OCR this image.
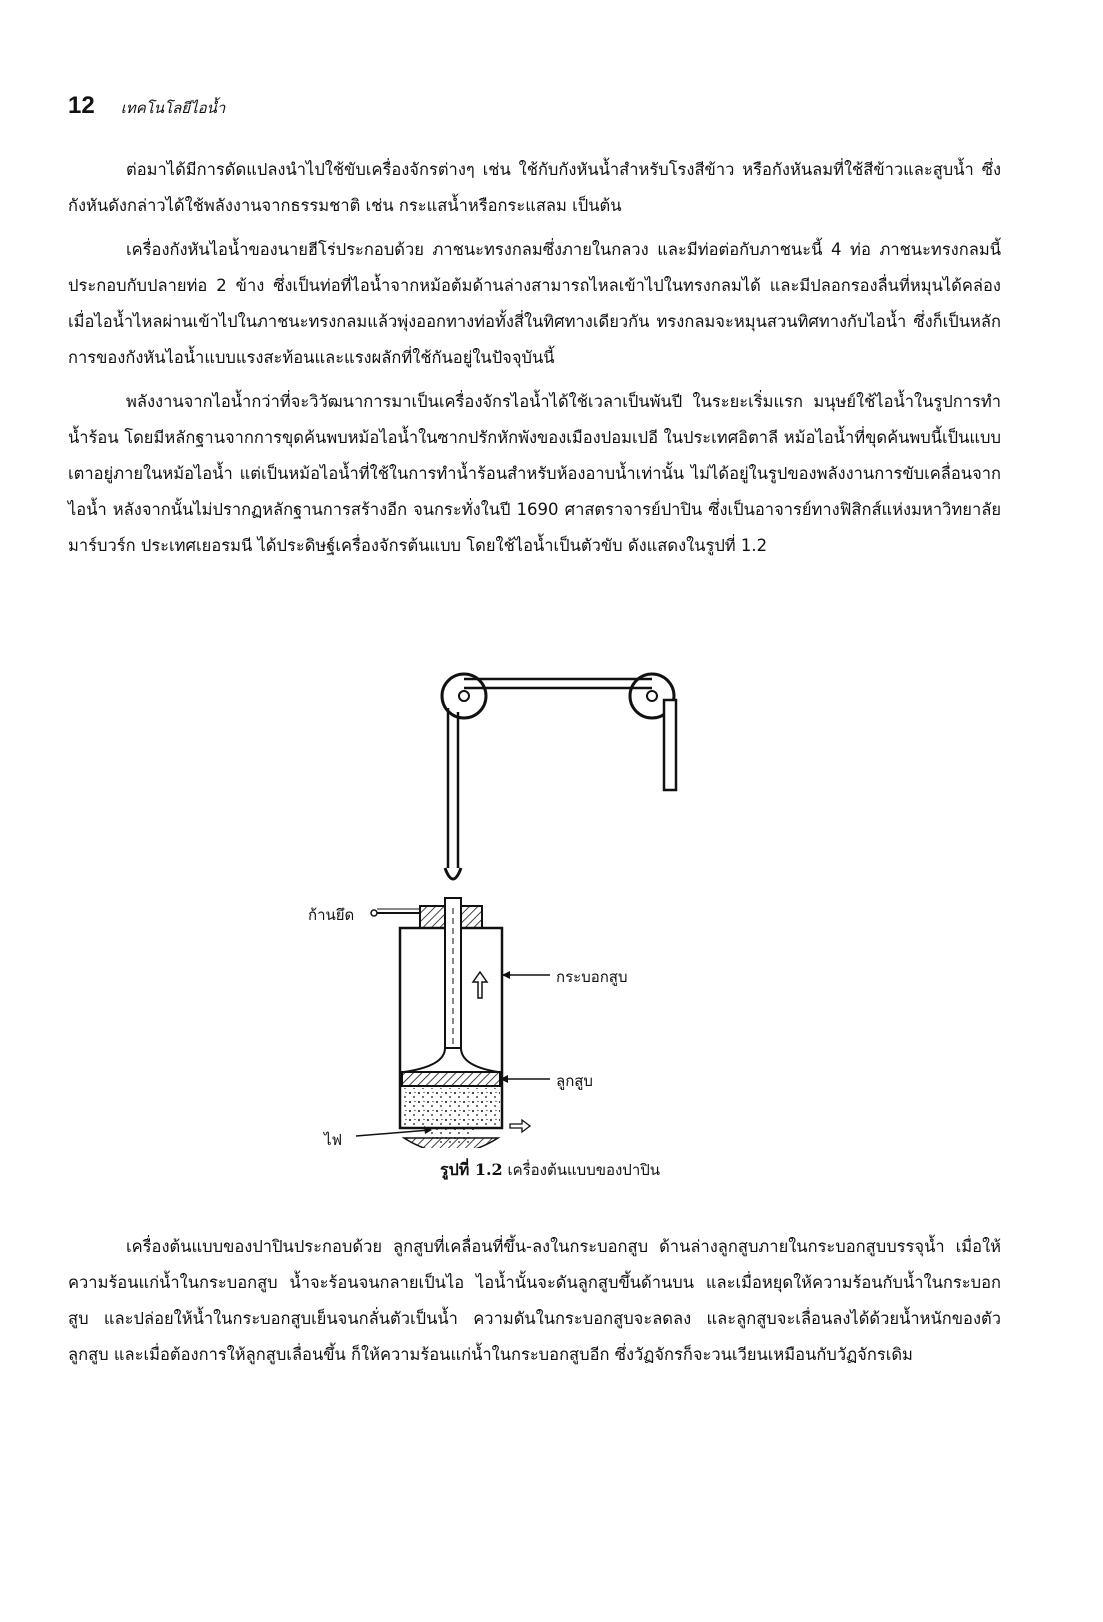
12 เทคโนโลยีไอน้ำ

ต่อมาได้มีการดัดแปลงนำไปใช้ขับเครื่องจักรต่างๆ เช่น ใช้กับกังหันน้ำสำหรับโรงสีข้าว หรือกังหันลมที่ใช้สีข้าวและสูบน้ำ ซึ่งกังหันดังกล่าวได้ใช้พลังงานจากธรรมชาติ เช่น กระแสน้ำหรือกระแสลม เป็นต้น

เครื่องกังหันไอน้ำของนายฮีโร่ประกอบด้วย ภาชนะทรงกลมซึ่งภายในกลวง และมีท่อต่อกับภาชนะนี้ 4 ท่อ ภาชนะทรงกลมนี้ประกอบกับปลายท่อ 2 ข้าง ซึ่งเป็นท่อที่ไอน้ำจากหม้อต้มด้านล่างสามารถไหลเข้าไปในทรงกลมได้ และมีปลอกรองลื่นที่หมุนได้คล่อง เมื่อไอน้ำไหลผ่านเข้าไปในภาชนะทรงกลมแล้วพุ่งออกทางท่อทั้งสี่ในทิศทางเดียวกัน ทรงกลมจะหมุนสวนทิศทางกับไอน้ำ ซึ่งก็เป็นหลักการของกังหันไอน้ำแบบแรงสะท้อนและแรงผลักที่ใช้กันอยู่ในปัจจุบันนี้

พลังงานจากไอน้ำกว่าที่จะวิวัฒนาการมาเป็นเครื่องจักรไอน้ำได้ใช้เวลาเป็นพันปี ในระยะเริ่มแรก มนุษย์ใช้ไอน้ำในรูปการทำน้ำร้อน โดยมีหลักฐานจากการขุดค้นพบหม้อไอน้ำในซากปรักหักพังของเมืองปอมเปอี ในประเทศอิตาลี หม้อไอน้ำที่ขุดค้นพบนี้เป็นแบบเตาอยู่ภายในหม้อไอน้ำ แต่เป็นหม้อไอน้ำที่ใช้ในการทำน้ำร้อนสำหรับห้องอาบน้ำเท่านั้น ไม่ได้อยู่ในรูปของพลังงานการขับเคลื่อนจากไอน้ำ หลังจากนั้นไม่ปรากฏหลักฐานการสร้างอีก จนกระทั่งในปี 1690 ศาสตราจารย์ปาปิน ซึ่งเป็นอาจารย์ทางฟิสิกส์แห่งมหาวิทยาลัยมาร์บวร์ก ประเทศเยอรมนี ได้ประดิษฐ์เครื่องจักรต้นแบบ โดยใช้ไอน้ำเป็นตัวขับ ดังแสดงในรูปที่ 1.2

ก้านยึด
กระบอกสูบ
ลูกสูบ
ไฟ
รูปที่ 1.2 เครื่องต้นแบบของปาปิน

เครื่องต้นแบบของปาปินประกอบด้วย ลูกสูบที่เคลื่อนที่ขึ้น-ลงในกระบอกสูบ ด้านล่างลูกสูบภายในกระบอกสูบบรรจุน้ำ เมื่อให้ความร้อนแก่น้ำในกระบอกสูบ น้ำจะร้อนจนกลายเป็นไอ ไอน้ำนั้นจะดันลูกสูบขึ้นด้านบน และเมื่อหยุดให้ความร้อนกับน้ำในกระบอกสูบ และปล่อยให้น้ำในกระบอกสูบเย็นจนกลั่นตัวเป็นน้ำ ความดันในกระบอกสูบจะลดลง และลูกสูบจะเลื่อนลงได้ด้วยน้ำหนักของตัวลูกสูบ และเมื่อต้องการให้ลูกสูบเลื่อนขึ้น ก็ให้ความร้อนแก่น้ำในกระบอกสูบอีก ซึ่งวัฏจักรก็จะวนเวียนเหมือนกับวัฏจักรเดิม
